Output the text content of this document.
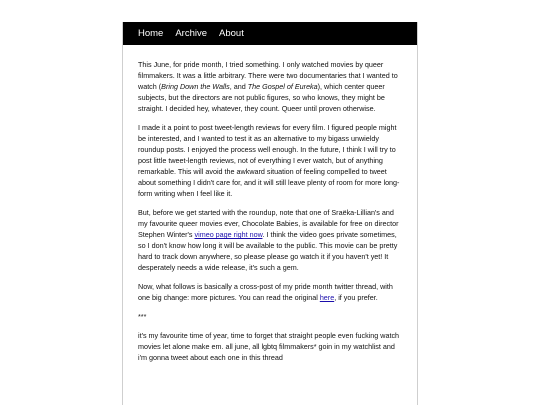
Home Archive About

This June, for pride month, I tried something. I only watched movies by queer filmmakers. It was a little arbitrary. There were two documentaries that I wanted to watch (Bring Down the Walls, and The Gospel of Eureka), which center queer subjects, but the directors are not public figures, so who knows, they might be straight. I decided hey, whatever, they count. Queer until proven otherwise.

I made it a point to post tweet-length reviews for every film. I figured people might be interested, and I wanted to test it as an alternative to my bigass unwieldy roundup posts. I enjoyed the process well enough. In the future, I think I will try to post little tweet-length reviews, not of everything I ever watch, but of anything remarkable. This will avoid the awkward situation of feeling compelled to tweet about something I didn't care for, and it will still leave plenty of room for more long-form writing when I feel like it.

But, before we get started with the roundup, note that one of Sraëka-Lillian's and my favourite queer movies ever, Chocolate Babies, is available for free on director Stephen Winter's vimeo page right now. I think the video goes private sometimes, so I don't know how long it will be available to the public. This movie can be pretty hard to track down anywhere, so please please go watch it if you haven't yet! It desperately needs a wide release, it's such a gem.

Now, what follows is basically a cross-post of my pride month twitter thread, with one big change: more pictures. You can read the original here, if you prefer.

***

it's my favourite time of year, time to forget that straight people even fucking watch movies let alone make em. all june, all lgbtq filmmakers* goin in my watchlist and i'm gonna tweet about each one in this thread
